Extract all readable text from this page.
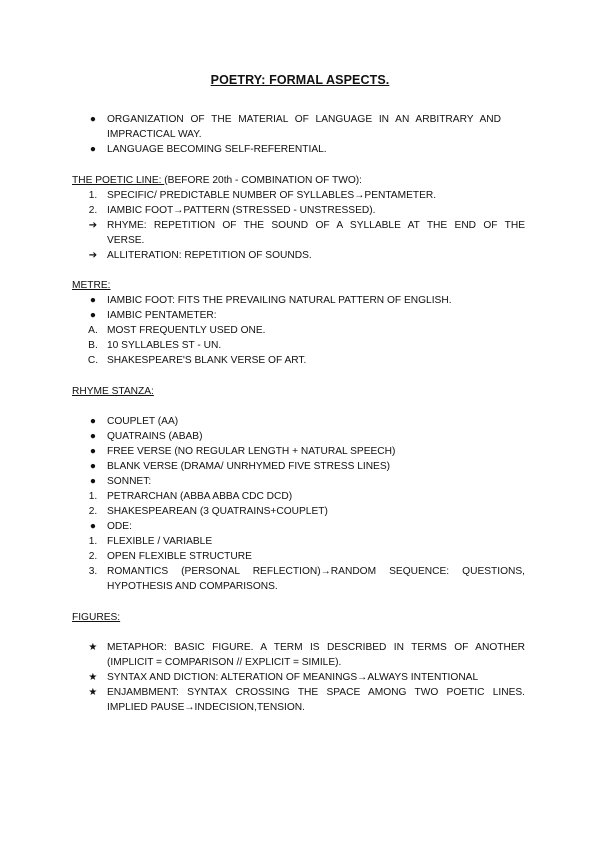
POETRY: FORMAL ASPECTS.
●	ORGANIZATION OF THE MATERIAL OF LANGUAGE IN AN ARBITRARY AND
IMPRACTICAL WAY.
●	LANGUAGE BECOMING SELF-REFERENTIAL.
THE POETIC LINE: (BEFORE 20th - COMBINATION OF TWO):
1. SPECIFIC/ PREDICTABLE NUMBER OF SYLLABLES→PENTAMETER.
2. IAMBIC FOOT→PATTERN (STRESSED - UNSTRESSED).
➔ RHYME: REPETITION OF THE SOUND OF A SYLLABLE AT THE END OF THE
VERSE.
➔ ALLITERATION: REPETITION OF SOUNDS.
METRE:
●	IAMBIC FOOT: FITS THE PREVAILING NATURAL PATTERN OF ENGLISH.
●	IAMBIC PENTAMETER:
A. MOST FREQUENTLY USED ONE.
B. 10 SYLLABLES ST - UN.
C. SHAKESPEARE'S BLANK VERSE OF ART.
RHYME STANZA:
●	COUPLET (AA)
●	QUATRAINS (ABAB)
●	FREE VERSE (NO REGULAR LENGTH + NATURAL SPEECH)
●	BLANK VERSE (DRAMA/ UNRHYMED FIVE STRESS LINES)
●	SONNET:
1. PETRARCHAN (ABBA ABBA CDC DCD)
2. SHAKESPEAREAN (3 QUATRAINS+COUPLET)
●	ODE:
1. FLEXIBLE / VARIABLE
2. OPEN FLEXIBLE STRUCTURE
3. ROMANTICS (PERSONAL REFLECTION)→RANDOM SEQUENCE: QUESTIONS,
HYPOTHESIS AND COMPARISONS.
FIGURES:
★ METAPHOR: BASIC FIGURE. A TERM IS DESCRIBED IN TERMS OF ANOTHER
(IMPLICIT = COMPARISON // EXPLICIT = SIMILE).
★ SYNTAX AND DICTION: ALTERATION OF MEANINGS→ALWAYS INTENTIONAL
★ ENJAMBMENT: SYNTAX CROSSING THE SPACE AMONG TWO POETIC LINES.
IMPLIED PAUSE→INDECISION,TENSION.
